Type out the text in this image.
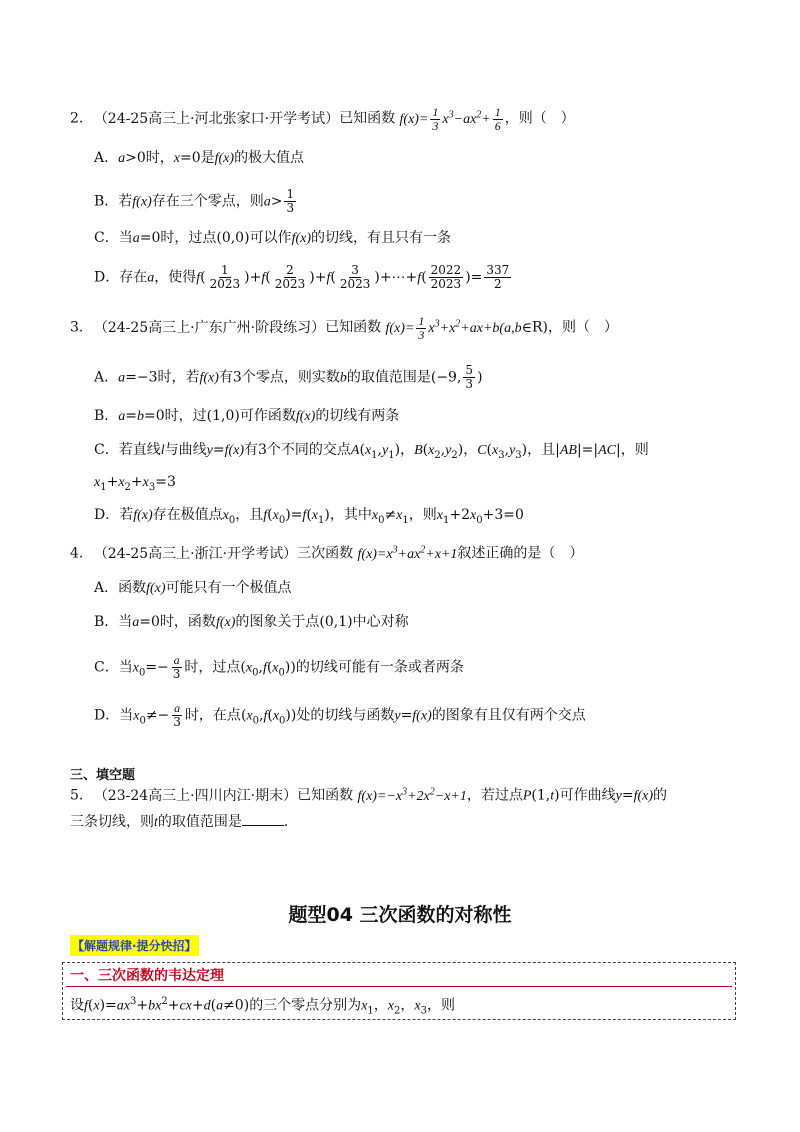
2. （24-25高三上·河北张家口·开学考试）已知函数 $f(x)= \frac{1}{3} x^3-ax^2+ \frac{1}{6}$ ，则（　）
A．a>0时，x=0是f(x)的极大值点
B．若f(x)存在三个零点，则$a> \frac{1}{3}$
C．当a=0时，过点(0,0)可以作f(x)的切线，有且只有一条
D．存在a，使得$f( \frac{1}{2023} )+f( \frac{2}{2023} )+f( \frac{3}{2023}$ )+⋯+f( $\frac{2022}{2023}$ )= $\frac{337}{2}$
3. （24-25高三上·广东广州·阶段练习）已知函数 $f(x)= \frac{1}{3}$ $x^3+x^2+ax+b(a,b\in R)$，则（　）
A．a=−3时，若f(x)有3个零点，则实数b的取值范围是(−9, $\frac{5}{3}$ )
B．a=b=0时，过(1,0)可作函数f(x)的切线有两条
C．若直线l与曲线y=f(x)有3个不同的交点$A(x_1,y_1)$，$B(x_2,y_2)$，$C(x_3,y_3)$，且|AB|=|AC|，则
$x_1+x_2+x_3=3$
D．若f(x)存在极值点$x_0$，且$f(x_0)=f(x_1)$，其中$x_0\ne x_1$，则$x_1+2x_0+3=0$
4. （24-25高三上·浙江·开学考试）三次函数 $f(x)=x^3+ax^2+x+1$叙述正确的是（　）
A．函数f(x)可能只有一个极值点
B．当a=0时，函数f(x)的图象关于点(0,1)中心对称
C．当$x_0=- \frac{a}{3}$ 时，过点$(x_0,f(x_0))$的切线可能有一条或者两条
D．当$x_0\ne- \frac{a}{3}$ 时，在点$(x_0,f(x_0))$处的切线与函数y=f(x)的图象有且仅有两个交点
三、填空题
5. （23-24高三上·四川内江·期末）已知函数 $f(x)=-x^3+2x^2-x+1$，若过点P(1,t)可作曲线y=f(x)的
三条切线，则t的取值范围是	.
题型04 三次函数的对称性
【解题规律·提分快招】
一、三次函数的韦达定理
设$f(x)=ax^3+bx^2+cx+d(a\ne 0)$的三个零点分别为$x_1$，$x_2$，$x_3$，则
